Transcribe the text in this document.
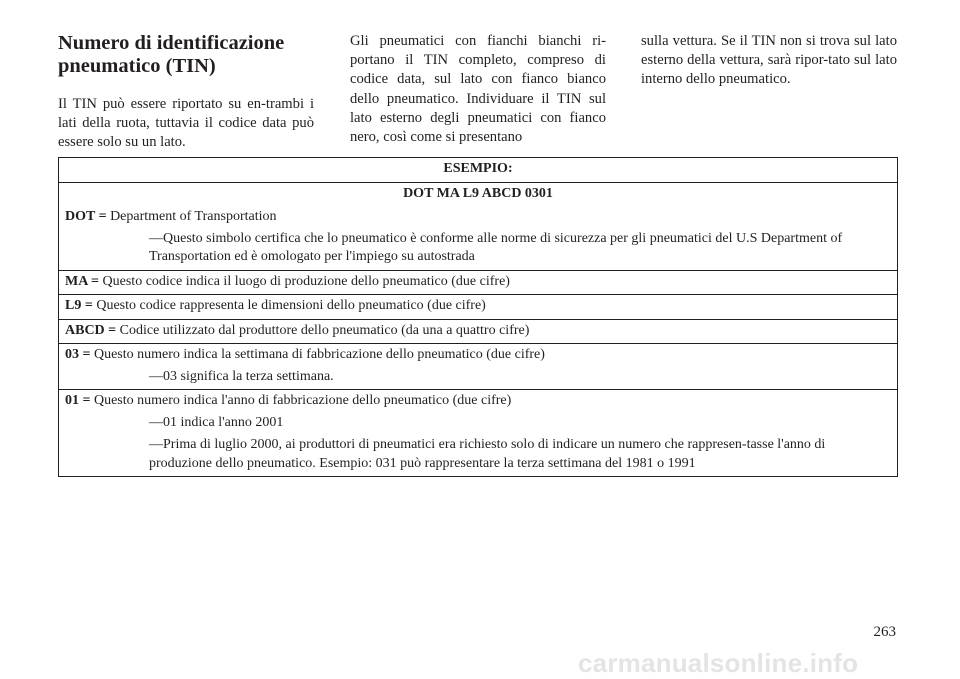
Numero di identificazione pneumatico (TIN)

Il TIN può essere riportato su en-trambi i lati della ruota, tuttavia il codice data può essere solo su un lato.

Gli pneumatici con fianchi bianchi ri-portano il TIN completo, compreso di codice data, sul lato con fianco bianco dello pneumatico. Individuare il TIN sul lato esterno degli pneumatici con fianco nero, così come si presentano

sulla vettura. Se il TIN non si trova sul lato esterno della vettura, sarà ripor-tato sul lato interno dello pneumatico.

ESEMPIO:
DOT MA L9 ABCD 0301
DOT = Department of Transportation
—Questo simbolo certifica che lo pneumatico è conforme alle norme di sicurezza per gli pneumatici del U.S Department of Transportation ed è omologato per l'impiego su autostrada
MA = Questo codice indica il luogo di produzione dello pneumatico (due cifre)
L9 = Questo codice rappresenta le dimensioni dello pneumatico (due cifre)
ABCD = Codice utilizzato dal produttore dello pneumatico (da una a quattro cifre)
03 = Questo numero indica la settimana di fabbricazione dello pneumatico (due cifre)
—03 significa la terza settimana.
01 = Questo numero indica l'anno di fabbricazione dello pneumatico (due cifre)
—01 indica l'anno 2001
—Prima di luglio 2000, ai produttori di pneumatici era richiesto solo di indicare un numero che rappresen-tasse l'anno di produzione dello pneumatico. Esempio: 031 può rappresentare la terza settimana del 1981 o 1991
263
carmanualsonline.info
